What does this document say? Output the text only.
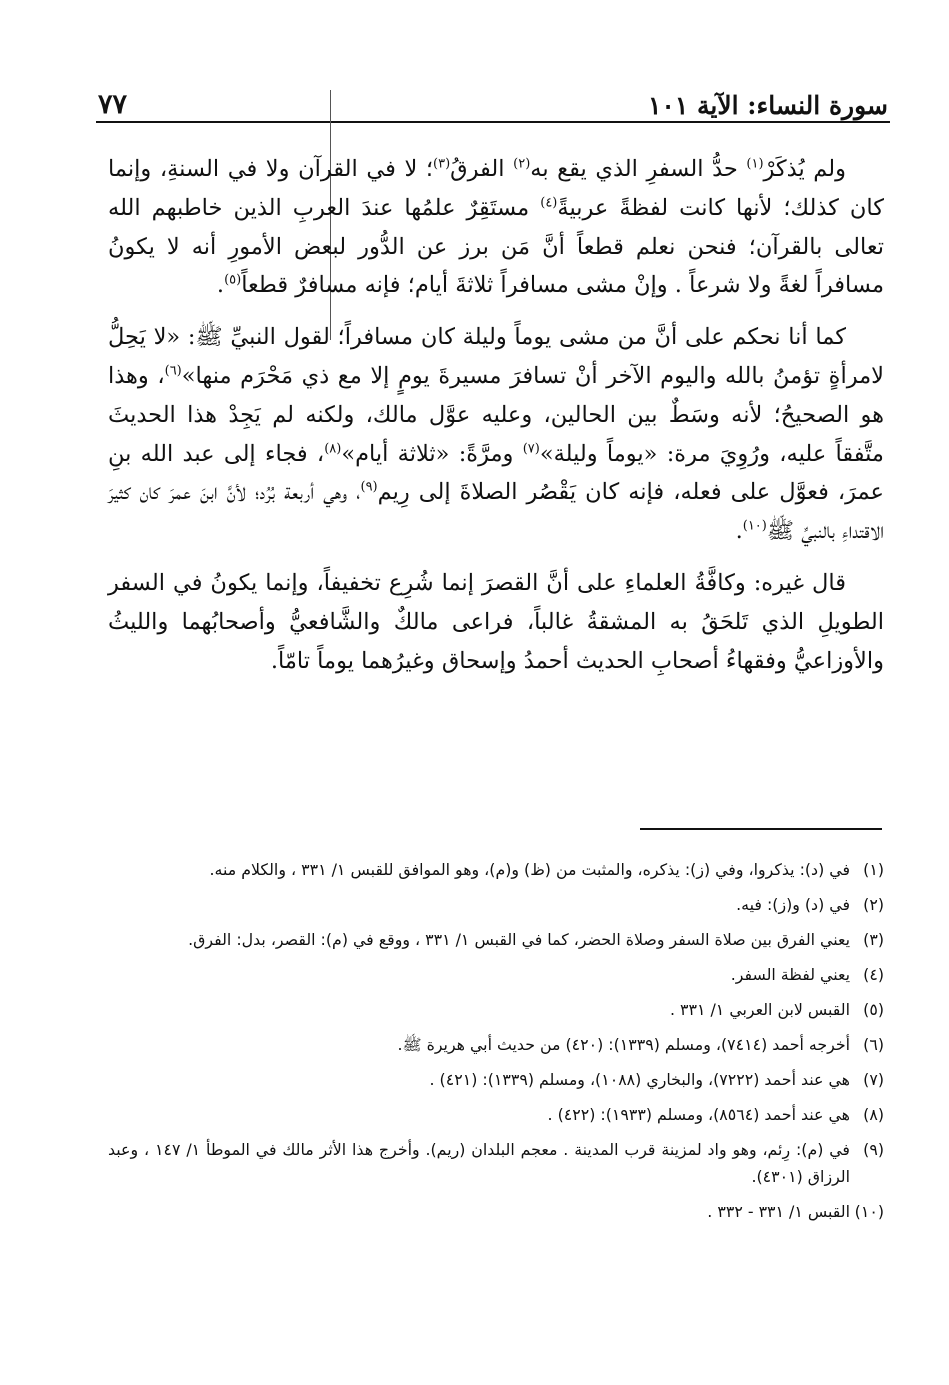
سورة النساء: الآية ١٠١
٧٧

ولم يُذكَرْ$^{(١)}$ حدُّ السفرِ الذي يقع به$^{(٢)}$ الفرقُ$^{(٣)}$؛ لا في القرآن ولا في السنةِ، وإنما كان كذلك؛ لأنها كانت لفظةً عربيةً$^{(٤)}$ مستَقِرٌ علمُها عندَ العربِ الذين خاطبهم الله تعالى بالقرآن؛ فنحن نعلم قطعاً أنَّ مَن برز عن الدُّور لبعض الأمورِ أنه لا يكونُ مسافراً لغةً ولا شرعاً . وإنْ مشى مسافراً ثلاثةَ أيام؛ فإنه مسافرٌ قطعاً$^{(٥)}$.

كما أنا نحكم على أنَّ من مشى يوماً وليلة كان مسافراً؛ لقول النبيِّ ﷺ: «لا يَحِلُّ لامرأةٍ تؤمنُ بالله واليوم الآخر أنْ تسافرَ مسيرةَ يومٍ إلا مع ذي مَحْرَم منها»$^{(٦)}$، وهذا هو الصحيحُ؛ لأنه وسَطٌ بين الحالين، وعليه عوَّل مالك، ولكنه لم يَجِدْ هذا الحديثَ متَّفقاً عليه، ورُوِيَ مرة: «يوماً وليلة»$^{(٧)}$ ومرَّةً: «ثلاثة أيام»$^{(٨)}$، فجاء إلى عبد الله بنِ عمرَ، فعوَّل على فعله، فإنه كان يَقْصُر الصلاةَ إلى رِيم$^{(٩)}$، وهي أربعة بُرُد؛ لأنَّ ابنَ عمرَ كان كثيرَ الاقتداءِ بالنبيِّ ﷺ$^{(١٠)}$.

قال غيره: وكافَّةُ العلماءِ على أنَّ القصرَ إنما شُرِع تخفيفاً، وإنما يكونُ في السفر الطويلِ الذي تَلحَقُ به المشقةُ غالباً، فراعى مالكٌ والشَّافعيُّ وأصحابُهما والليثُ والأوزاعيُّ وفقهاءُ أصحابِ الحديث أحمدُ وإسحاق وغيرُهما يوماً تامّاً.

(١)
في (د): يذكروا، وفي (ز): يذكره، والمثبت من (ظ) و(م)، وهو الموافق للقبس ١/ ٣٣١ ، والكلام منه.
(٢)
في (د) و(ز): فيه.
(٣)
يعني الفرق بين صلاة السفر وصلاة الحضر، كما في القبس ١/ ٣٣١ ، ووقع في (م): القصر، بدل: الفرق.
(٤)
يعني لفظة السفر.
(٥)
القبس لابن العربي ١/ ٣٣١ .
(٦)
أخرجه أحمد (٧٤١٤)، ومسلم (١٣٣٩): (٤٢٠) من حديث أبي هريرة ﷺ.
(٧)
هي عند أحمد (٧٢٢٢)، والبخاري (١٠٨٨)، ومسلم (١٣٣٩): (٤٢١) .
(٨)
هي عند أحمد (٨٥٦٤)، ومسلم (١٩٣٣): (٤٢٢) .
(٩)
في (م): رِئم، وهو واد لمزينة قرب المدينة . معجم البلدان (ريم). وأخرج هذا الأثر مالك في الموطأ ١/ ١٤٧ ، وعبد الرزاق (٤٣٠١).
(١٠)
القبس ١/ ٣٣١ - ٣٣٢ .
